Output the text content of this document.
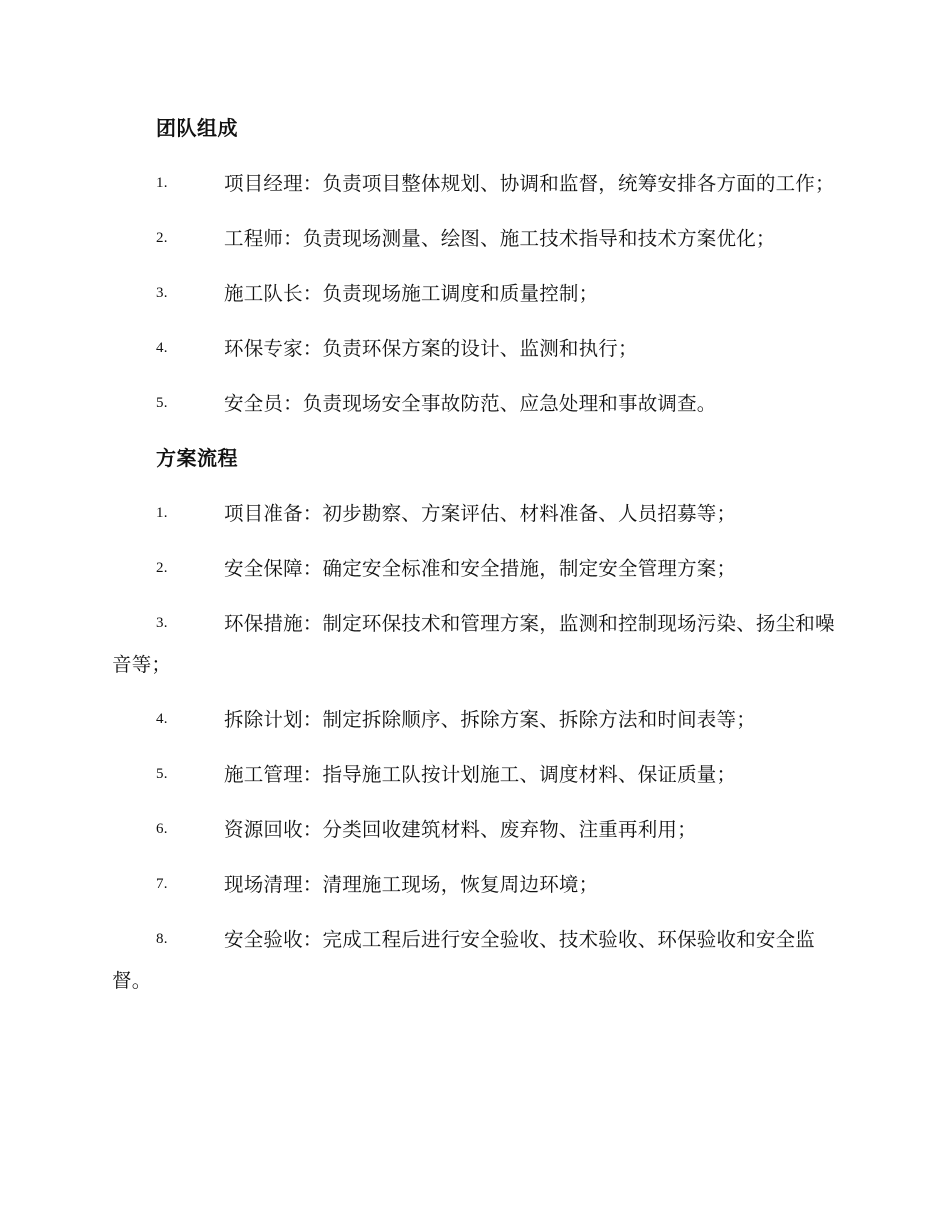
团队组成
1.	项目经理：负责项目整体规划、协调和监督，统筹安排各方面的工作；
2.	工程师：负责现场测量、绘图、施工技术指导和技术方案优化；
3.	施工队长：负责现场施工调度和质量控制；
4.	环保专家：负责环保方案的设计、监测和执行；
5.	安全员：负责现场安全事故防范、应急处理和事故调查。
方案流程
1.	项目准备：初步勘察、方案评估、材料准备、人员招募等；
2.	安全保障：确定安全标准和安全措施，制定安全管理方案；
3.	环保措施：制定环保技术和管理方案，监测和控制现场污染、扬尘和噪音等；
4.	拆除计划：制定拆除顺序、拆除方案、拆除方法和时间表等；
5.	施工管理：指导施工队按计划施工、调度材料、保证质量；
6.	资源回收：分类回收建筑材料、废弃物、注重再利用；
7.	现场清理：清理施工现场，恢复周边环境；
8.	安全验收：完成工程后进行安全验收、技术验收、环保验收和安全监督。
